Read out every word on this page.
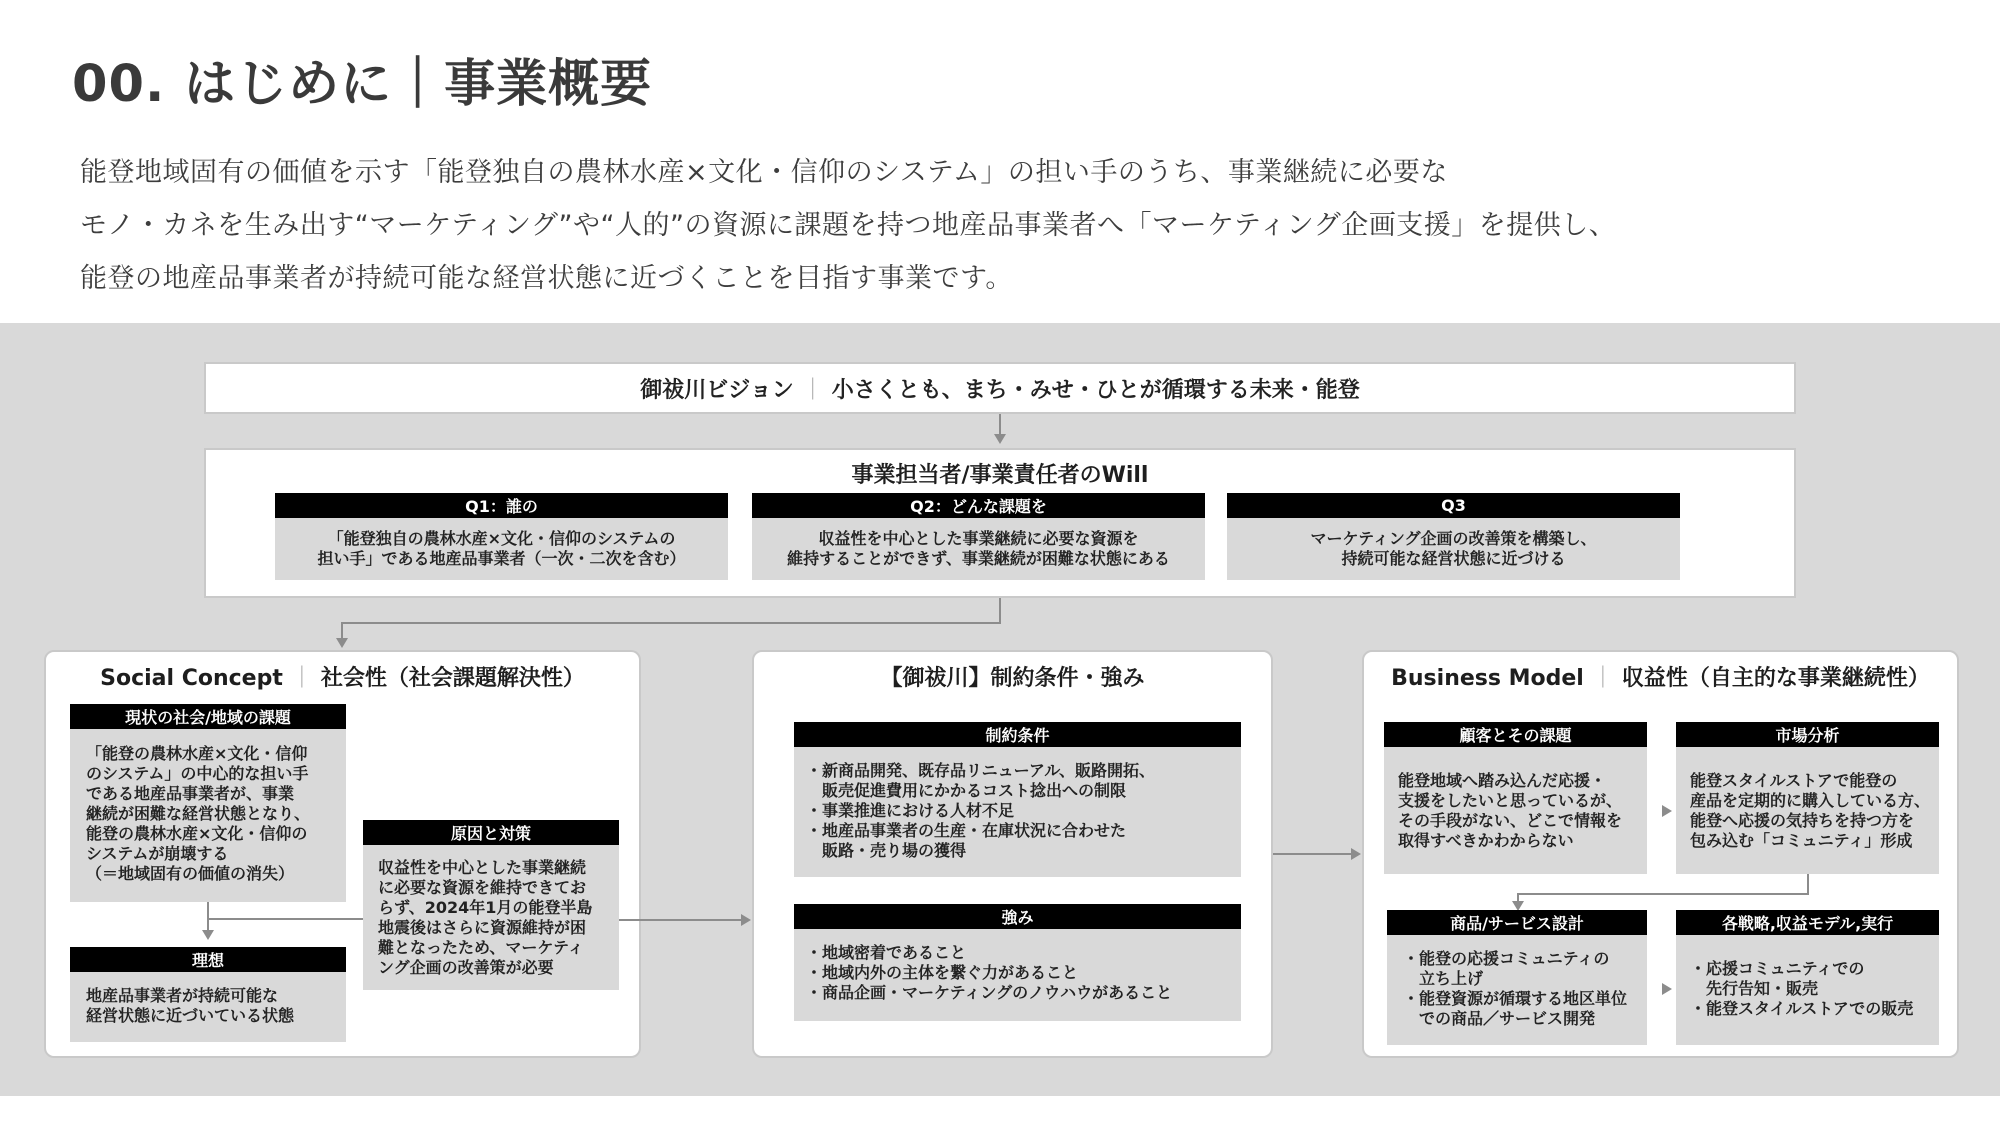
00. はじめに｜事業概要
能登地域固有の価値を示す「能登独自の農林水産×文化・信仰のシステム」の担い手のうち、事業継続に必要な
モノ・カネを生み出す“マーケティング”や“人的”の資源に課題を持つ地産品事業者へ「マーケティング企画支援」を提供し、
能登の地産品事業者が持続可能な経営状態に近づくことを目指す事業です。
御祓川ビジョン ｜ 小さくとも、まち・みせ・ひとが循環する未来・能登
事業担当者/事業責任者のWill
Q1：誰の

「能登独自の農林水産×文化・信仰のシステムの

担い手」である地産品事業者（一次・二次を含む）

Q2：どんな課題を

収益性を中心とした事業継続に必要な資源を

維持することができず、事業継続が困難な状態にある

Q3

マーケティング企画の改善策を構築し、

持続可能な経営状態に近づける

Social Concept ｜ 社会性（社会課題解決性）
現状の社会/地域の課題

「能登の農林水産×文化・信仰

のシステム」の中心的な担い手

である地産品事業者が、事業

継続が困難な経営状態となり、

能登の農林水産×文化・信仰の

システムが崩壊する

（＝地域固有の価値の消失）

原因と対策

収益性を中心とした事業継続

に必要な資源を維持できてお

らず、2024年1月の能登半島

地震後はさらに資源維持が困

難となったため、マーケティ

ング企画の改善策が必要

理想

地産品事業者が持続可能な

経営状態に近づいている状態

【御祓川】制約条件・強み
制約条件

・新商品開発、既存品リニューアル、販路開拓、

　販売促進費用にかかるコスト捻出への制限

・事業推進における人材不足

・地産品事業者の生産・在庫状況に合わせた

　販路・売り場の獲得

強み

・地域密着であること

・地域内外の主体を繋ぐ力があること

・商品企画・マーケティングのノウハウがあること

Business Model ｜ 収益性（自主的な事業継続性）
顧客とその課題

能登地域へ踏み込んだ応援・

支援をしたいと思っているが、

その手段がない、どこで情報を

取得すべきかわからない

市場分析

能登スタイルストアで能登の

産品を定期的に購入している方、

能登へ応援の気持ちを持つ方を

包み込む「コミュニティ」形成

商品/サービス設計

・能登の応援コミュニティの

　立ち上げ

・能登資源が循環する地区単位

　での商品／サービス開発

各戦略,収益モデル,実行

・応援コミュニティでの

　先行告知・販売

・能登スタイルストアでの販売
